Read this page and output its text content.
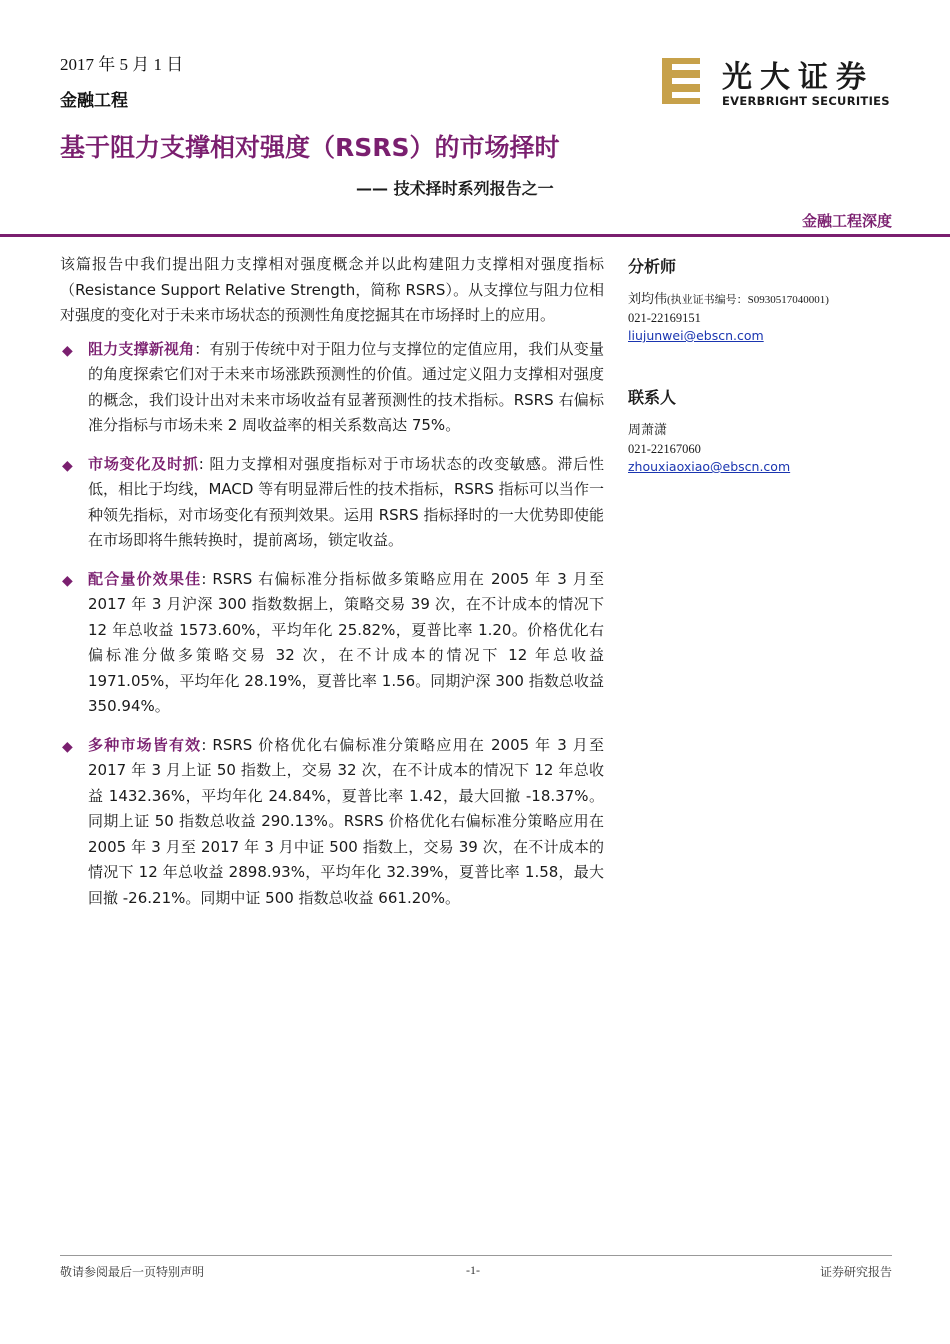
2017 年 5 月 1 日
金融工程
光大证券
EVERBRIGHT SECURITIES
基于阻力支撑相对强度（RSRS）的市场择时
—— 技术择时系列报告之一
金融工程深度

该篇报告中我们提出阻力支撑相对强度概念并以此构建阻力支撑相对强度指标（Resistance Support Relative Strength，简称 RSRS）。从支撑位与阻力位相对强度的变化对于未来市场状态的预测性角度挖掘其在市场择时上的应用。

◆ 阻力支撑新视角：有别于传统中对于阻力位与支撑位的定值应用，我们从变量的角度探索它们对于未来市场涨跌预测性的价值。通过定义阻力支撑相对强度的概念，我们设计出对未来市场收益有显著预测性的技术指标。RSRS 右偏标准分指标与市场未来 2 周收益率的相关系数高达 75%。
◆ 市场变化及时抓: 阻力支撑相对强度指标对于市场状态的改变敏感。滞后性低，相比于均线，MACD 等有明显滞后性的技术指标，RSRS 指标可以当作一种领先指标，对市场变化有预判效果。运用 RSRS 指标择时的一大优势即使能在市场即将牛熊转换时，提前离场，锁定收益。
◆ 配合量价效果佳: RSRS 右偏标准分指标做多策略应用在 2005 年 3 月至 2017 年 3 月沪深 300 指数数据上，策略交易 39 次，在不计成本的情况下 12 年总收益 1573.60%，平均年化 25.82%，夏普比率 1.20。价格优化右偏标准分做多策略交易 32 次，在不计成本的情况下 12 年总收益 1971.05%，平均年化 28.19%，夏普比率 1.56。同期沪深 300 指数总收益 350.94%。
◆ 多种市场皆有效: RSRS 价格优化右偏标准分策略应用在 2005 年 3 月至 2017 年 3 月上证 50 指数上，交易 32 次，在不计成本的情况下 12 年总收益 1432.36%，平均年化 24.84%，夏普比率 1.42，最大回撤 -18.37%。同期上证 50 指数总收益 290.13%。RSRS 价格优化右偏标准分策略应用在 2005 年 3 月至 2017 年 3 月中证 500 指数上，交易 39 次，在不计成本的情况下 12 年总收益 2898.93%，平均年化 32.39%，夏普比率 1.58，最大回撤 -26.21%。同期中证 500 指数总收益 661.20%。
分析师
刘均伟(执业证书编号：S0930517040001)
021-22169151
liujunwei@ebscn.com
联系人
周萧潇
021-22167060
zhouxiaoxiao@ebscn.com
敬请参阅最后一页特别声明	-1-	证券研究报告
